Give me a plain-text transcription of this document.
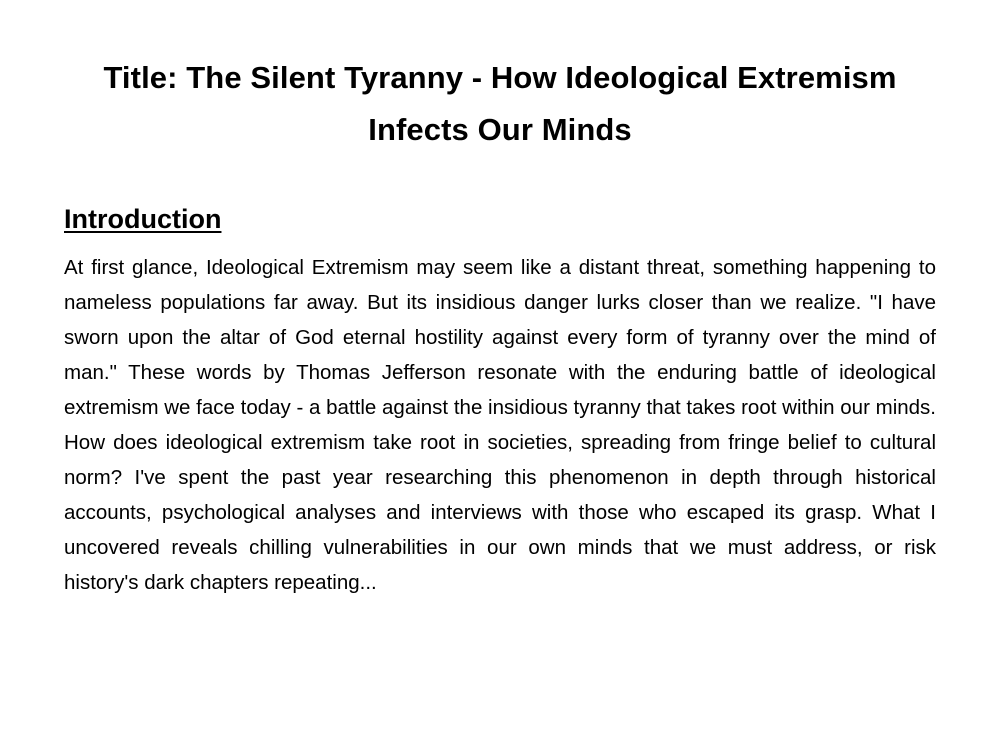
Title: The Silent Tyranny - How Ideological Extremism Infects Our Minds
Introduction

At first glance, Ideological Extremism may seem like a distant threat, something happening to nameless populations far away. But its insidious danger lurks closer than we realize. "I have sworn upon the altar of God eternal hostility against every form of tyranny over the mind of man." These words by Thomas Jefferson resonate with the enduring battle of ideological extremism we face today - a battle against the insidious tyranny that takes root within our minds. How does ideological extremism take root in societies, spreading from fringe belief to cultural norm? I've spent the past year researching this phenomenon in depth through historical accounts, psychological analyses and interviews with those who escaped its grasp. What I uncovered reveals chilling vulnerabilities in our own minds that we must address, or risk history's dark chapters repeating...
